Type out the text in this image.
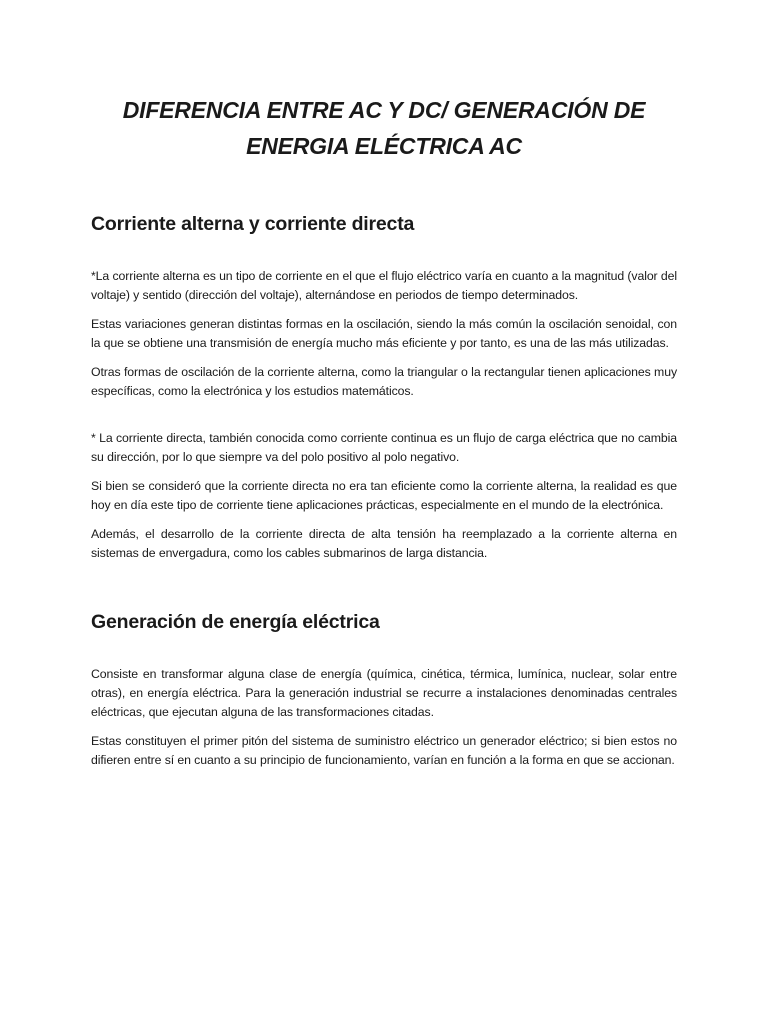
DIFERENCIA ENTRE AC Y DC/ GENERACIÓN DE
ENERGIA ELÉCTRICA AC
Corriente alterna y corriente directa

*La corriente alterna es un tipo de corriente en el que el flujo eléctrico varía en cuanto a la magnitud (valor del voltaje) y sentido (dirección del voltaje), alternándose en periodos de tiempo determinados.

Estas variaciones generan distintas formas en la oscilación, siendo la más común la oscilación senoidal, con la que se obtiene una transmisión de energía mucho más eficiente y por tanto, es una de las más utilizadas.

Otras formas de oscilación de la corriente alterna, como la triangular o la rectangular tienen aplicaciones muy específicas, como la electrónica y los estudios matemáticos.

* La corriente directa, también conocida como corriente continua es un flujo de carga eléctrica que no cambia su dirección, por lo que siempre va del polo positivo al polo negativo.

Si bien se consideró que la corriente directa no era tan eficiente como la corriente alterna, la realidad es que hoy en día este tipo de corriente tiene aplicaciones prácticas, especialmente en el mundo de la electrónica.

Además, el desarrollo de la corriente directa de alta tensión ha reemplazado a la corriente alterna en sistemas de envergadura, como los cables submarinos de larga distancia.

Generación de energía eléctrica

Consiste en transformar alguna clase de energía (química, cinética, térmica, lumínica, nuclear, solar entre otras), en energía eléctrica. Para la generación industrial se recurre a instalaciones denominadas centrales eléctricas, que ejecutan alguna de las transformaciones citadas.

Estas constituyen el primer pitón del sistema de suministro eléctrico un generador eléctrico; si bien estos no difieren entre sí en cuanto a su principio de funcionamiento, varían en función a la forma en que se accionan.
